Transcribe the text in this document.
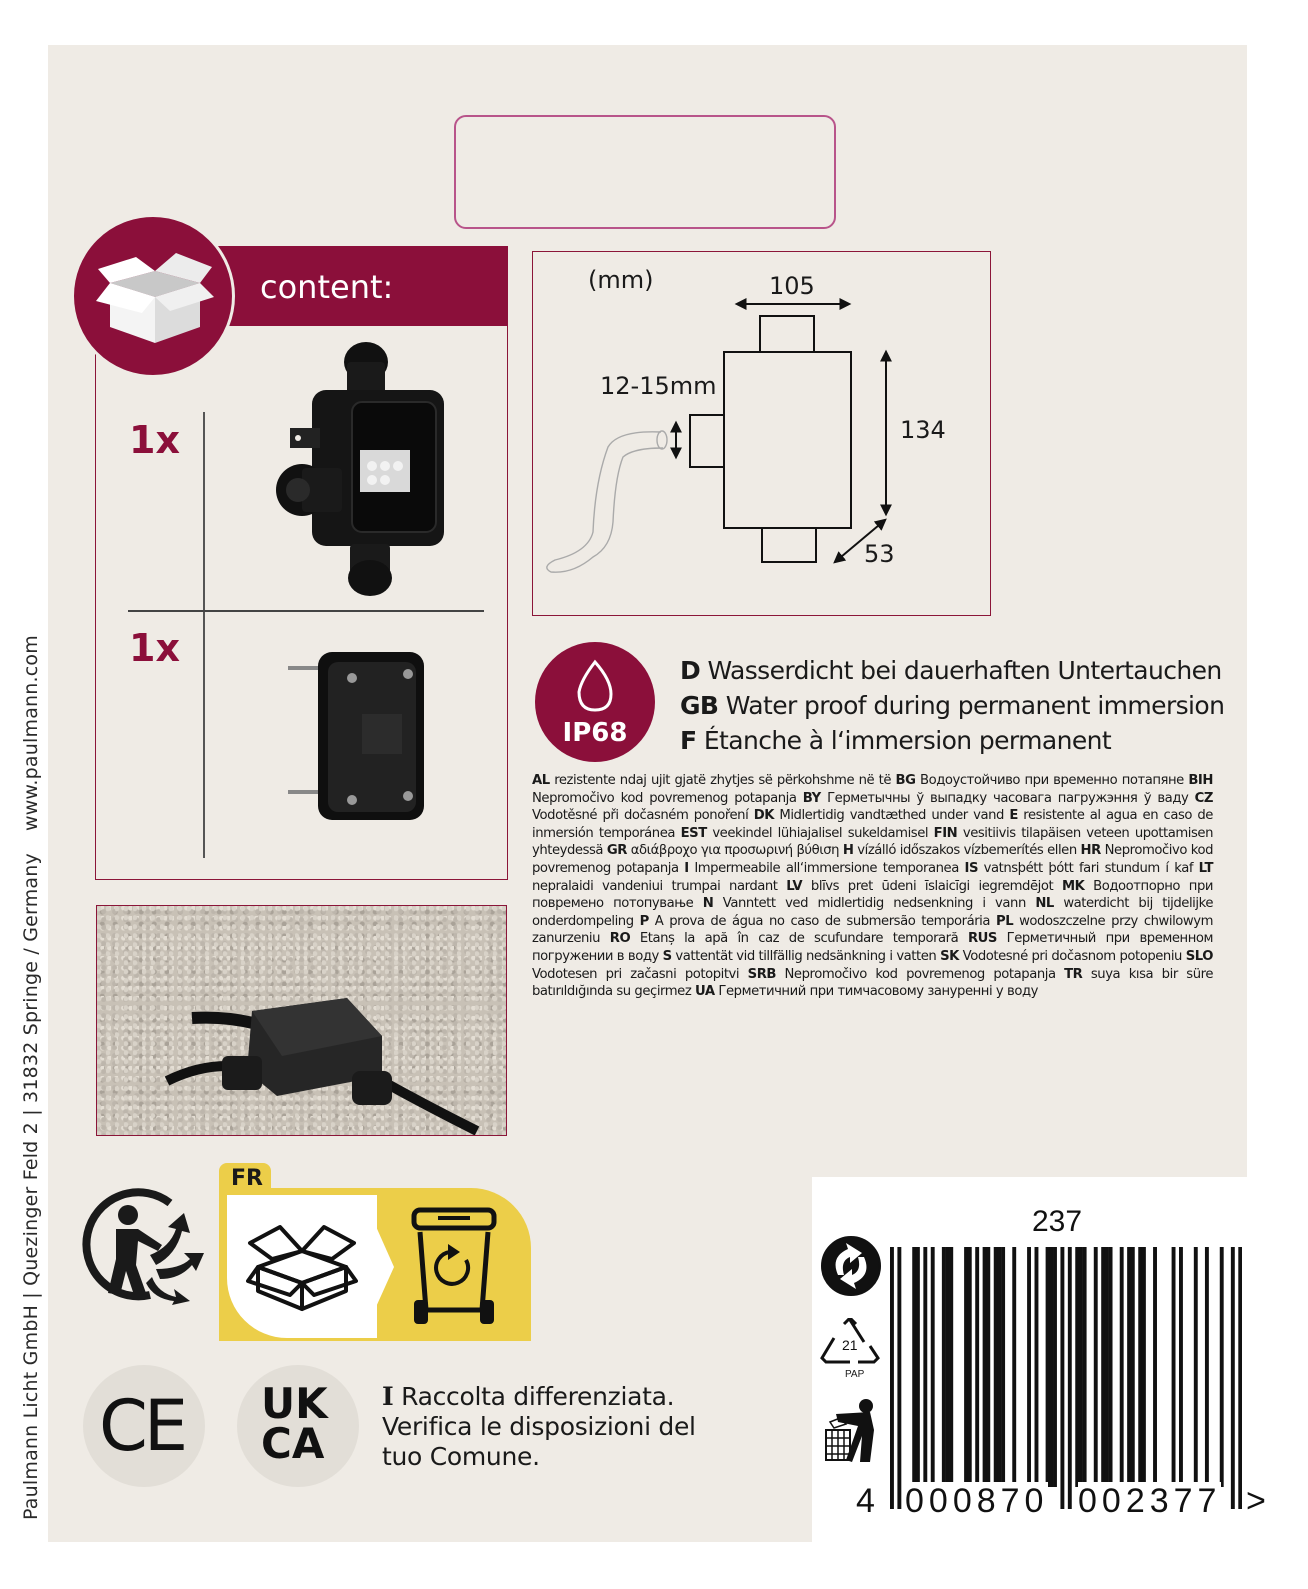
Paulmann Licht GmbH | Quezinger Feld 2 | 31832 Springe / Germanywww.paulmann.com
content:
1x
1x
(mm)	105
12-15mm
134
53
IP68
D Wasserdicht bei dauerhaften Untertauchen
GB Water proof during permanent immersion
F Étanche à l‘immersion permanent
AL rezistente ndaj ujit gjatë zhytjes së përkohshme në të BG Водоустойчиво при временно потапяне BIH Nepromočivo kod povremenog potapanja BY Герметычны ў выпадку часовага пагружэння ў ваду CZ Vodotěsné při dočasném ponoření DK Midlertidig vandtæthed under vand E resistente al agua en caso de inmersión temporánea EST veekindel lühiajalisel sukeldamisel FIN vesitiivis tilapäisen veteen upottamisen yhteydessä GR αδιάβροχο για προσωρινή βύθιση H vízálló időszakos vízbemerítés ellen HR Nepromočivo kod povremenog potapanja I Impermeabile all‘immersione temporanea IS vatnsþétt þótt fari stundum í kaf LT nepralaidi vandeniui trumpai nardant LV blīvs pret ūdeni īslaicīgi iegremdējot MK Водоотпорно при повремено потопување N Vanntett ved midlertidig nedsenkning i vann NL waterdicht bij tijdelijke onderdompeling P A prova de água no caso de submersão temporária PL wodoszczelne przy chwilowym zanurzeniu RO Etanș la apă în caz de scufundare temporară RUS Герметичный при временном погружении в воду S vattentät vid tillfällig nedsänkning i vatten SK Vodotesné pri dočasnom potopeniu SLO Vodotesen pri začasni potopitvi SRB Nepromočivo kod povremenog potapanja TR suya kısa bir süre batırıldığında su geçirmez UA Герметичний при тимчасовому зануренні у воду
FR
CE UK
CA
I Raccolta differenziata.
Verifica le disposizioni del
tuo Comune.
237
21
PAP
4 000870 002377 >
